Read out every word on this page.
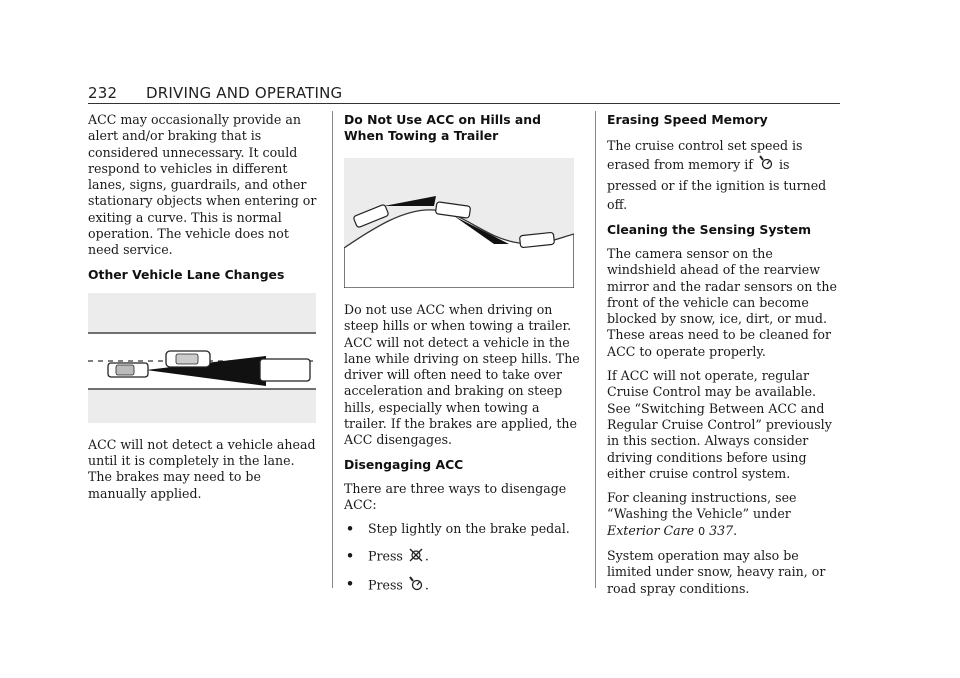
232 DRIVING AND OPERATING

ACC may occasionally provide an alert and/or braking that is considered unnecessary. It could respond to vehicles in different lanes, signs, guardrails, and other stationary objects when entering or exiting a curve. This is normal operation. The vehicle does not need service.

Other Vehicle Lane Changes

ACC will not detect a vehicle ahead until it is completely in the lane. The brakes may need to be manually applied.

Do Not Use ACC on Hills and When Towing a Trailer

Do not use ACC when driving on steep hills or when towing a trailer. ACC will not detect a vehicle in the lane while driving on steep hills. The driver will often need to take over acceleration and braking on steep hills, especially when towing a trailer. If the brakes are applied, the ACC disengages.

Disengaging ACC

There are three ways to disengage ACC:

• Step lightly on the brake pedal.
• Press .
• Press .
Erasing Speed Memory

The cruise control set speed is erased from memory if is pressed or if the ignition is turned off.

Cleaning the Sensing System

The camera sensor on the windshield ahead of the rearview mirror and the radar sensors on the front of the vehicle can become blocked by snow, ice, dirt, or mud. These areas need to be cleaned for ACC to operate properly.

If ACC will not operate, regular Cruise Control may be available. See “Switching Between ACC and Regular Cruise Control” previously in this section. Always consider driving conditions before using either cruise control system.

For cleaning instructions, see “Washing the Vehicle” under Exterior Care 0 337.

System operation may also be limited under snow, heavy rain, or road spray conditions.
